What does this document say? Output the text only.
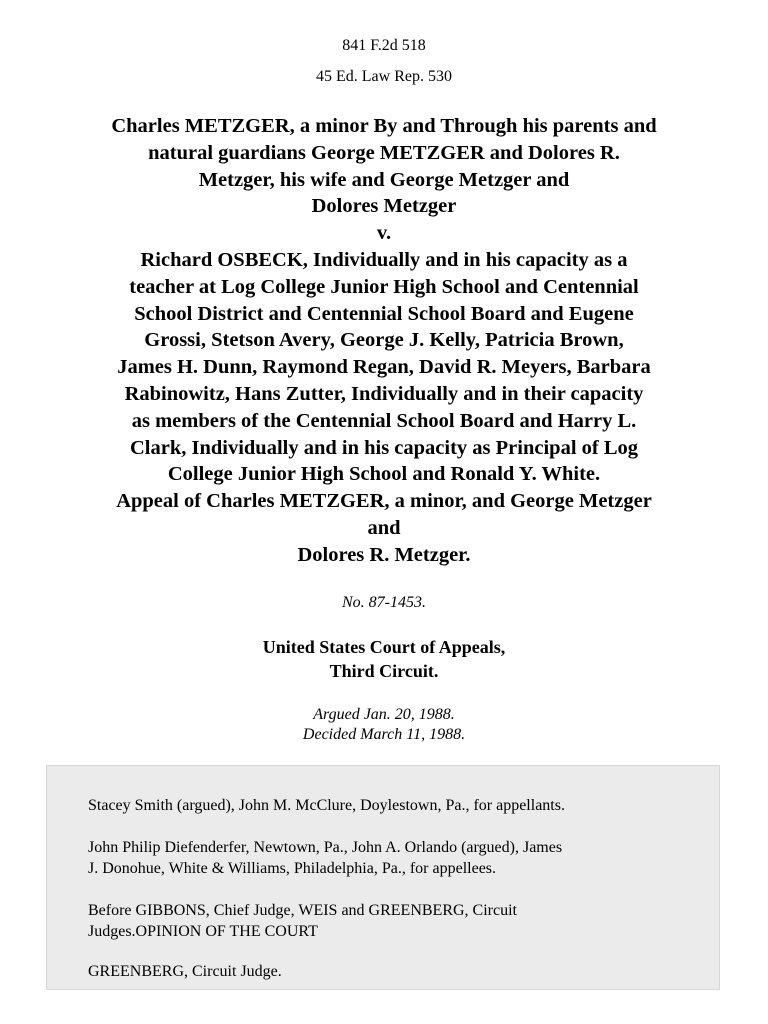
841 F.2d 518
45 Ed. Law Rep. 530
Charles METZGER, a minor By and Through his parents and
natural guardians George METZGER and Dolores R.
Metzger, his wife and George Metzger and
Dolores Metzger
v.
Richard OSBECK, Individually and in his capacity as a
teacher at Log College Junior High School and Centennial
School District and Centennial School Board and Eugene
Grossi, Stetson Avery, George J. Kelly, Patricia Brown,
James H. Dunn, Raymond Regan, David R. Meyers, Barbara
Rabinowitz, Hans Zutter, Individually and in their capacity
as members of the Centennial School Board and Harry L.
Clark, Individually and in his capacity as Principal of Log
College Junior High School and Ronald Y. White.
Appeal of Charles METZGER, a minor, and George Metzger
and
Dolores R. Metzger.
No. 87-1453.
United States Court of Appeals,
Third Circuit.
Argued Jan. 20, 1988.
Decided March 11, 1988.
Stacey Smith (argued), John M. McClure, Doylestown, Pa., for appellants.
John Philip Diefenderfer, Newtown, Pa., John A. Orlando (argued), James
J. Donohue, White & Williams, Philadelphia, Pa., for appellees.
Before GIBBONS, Chief Judge, WEIS and GREENBERG, Circuit
Judges.OPINION OF THE COURT
GREENBERG, Circuit Judge.
